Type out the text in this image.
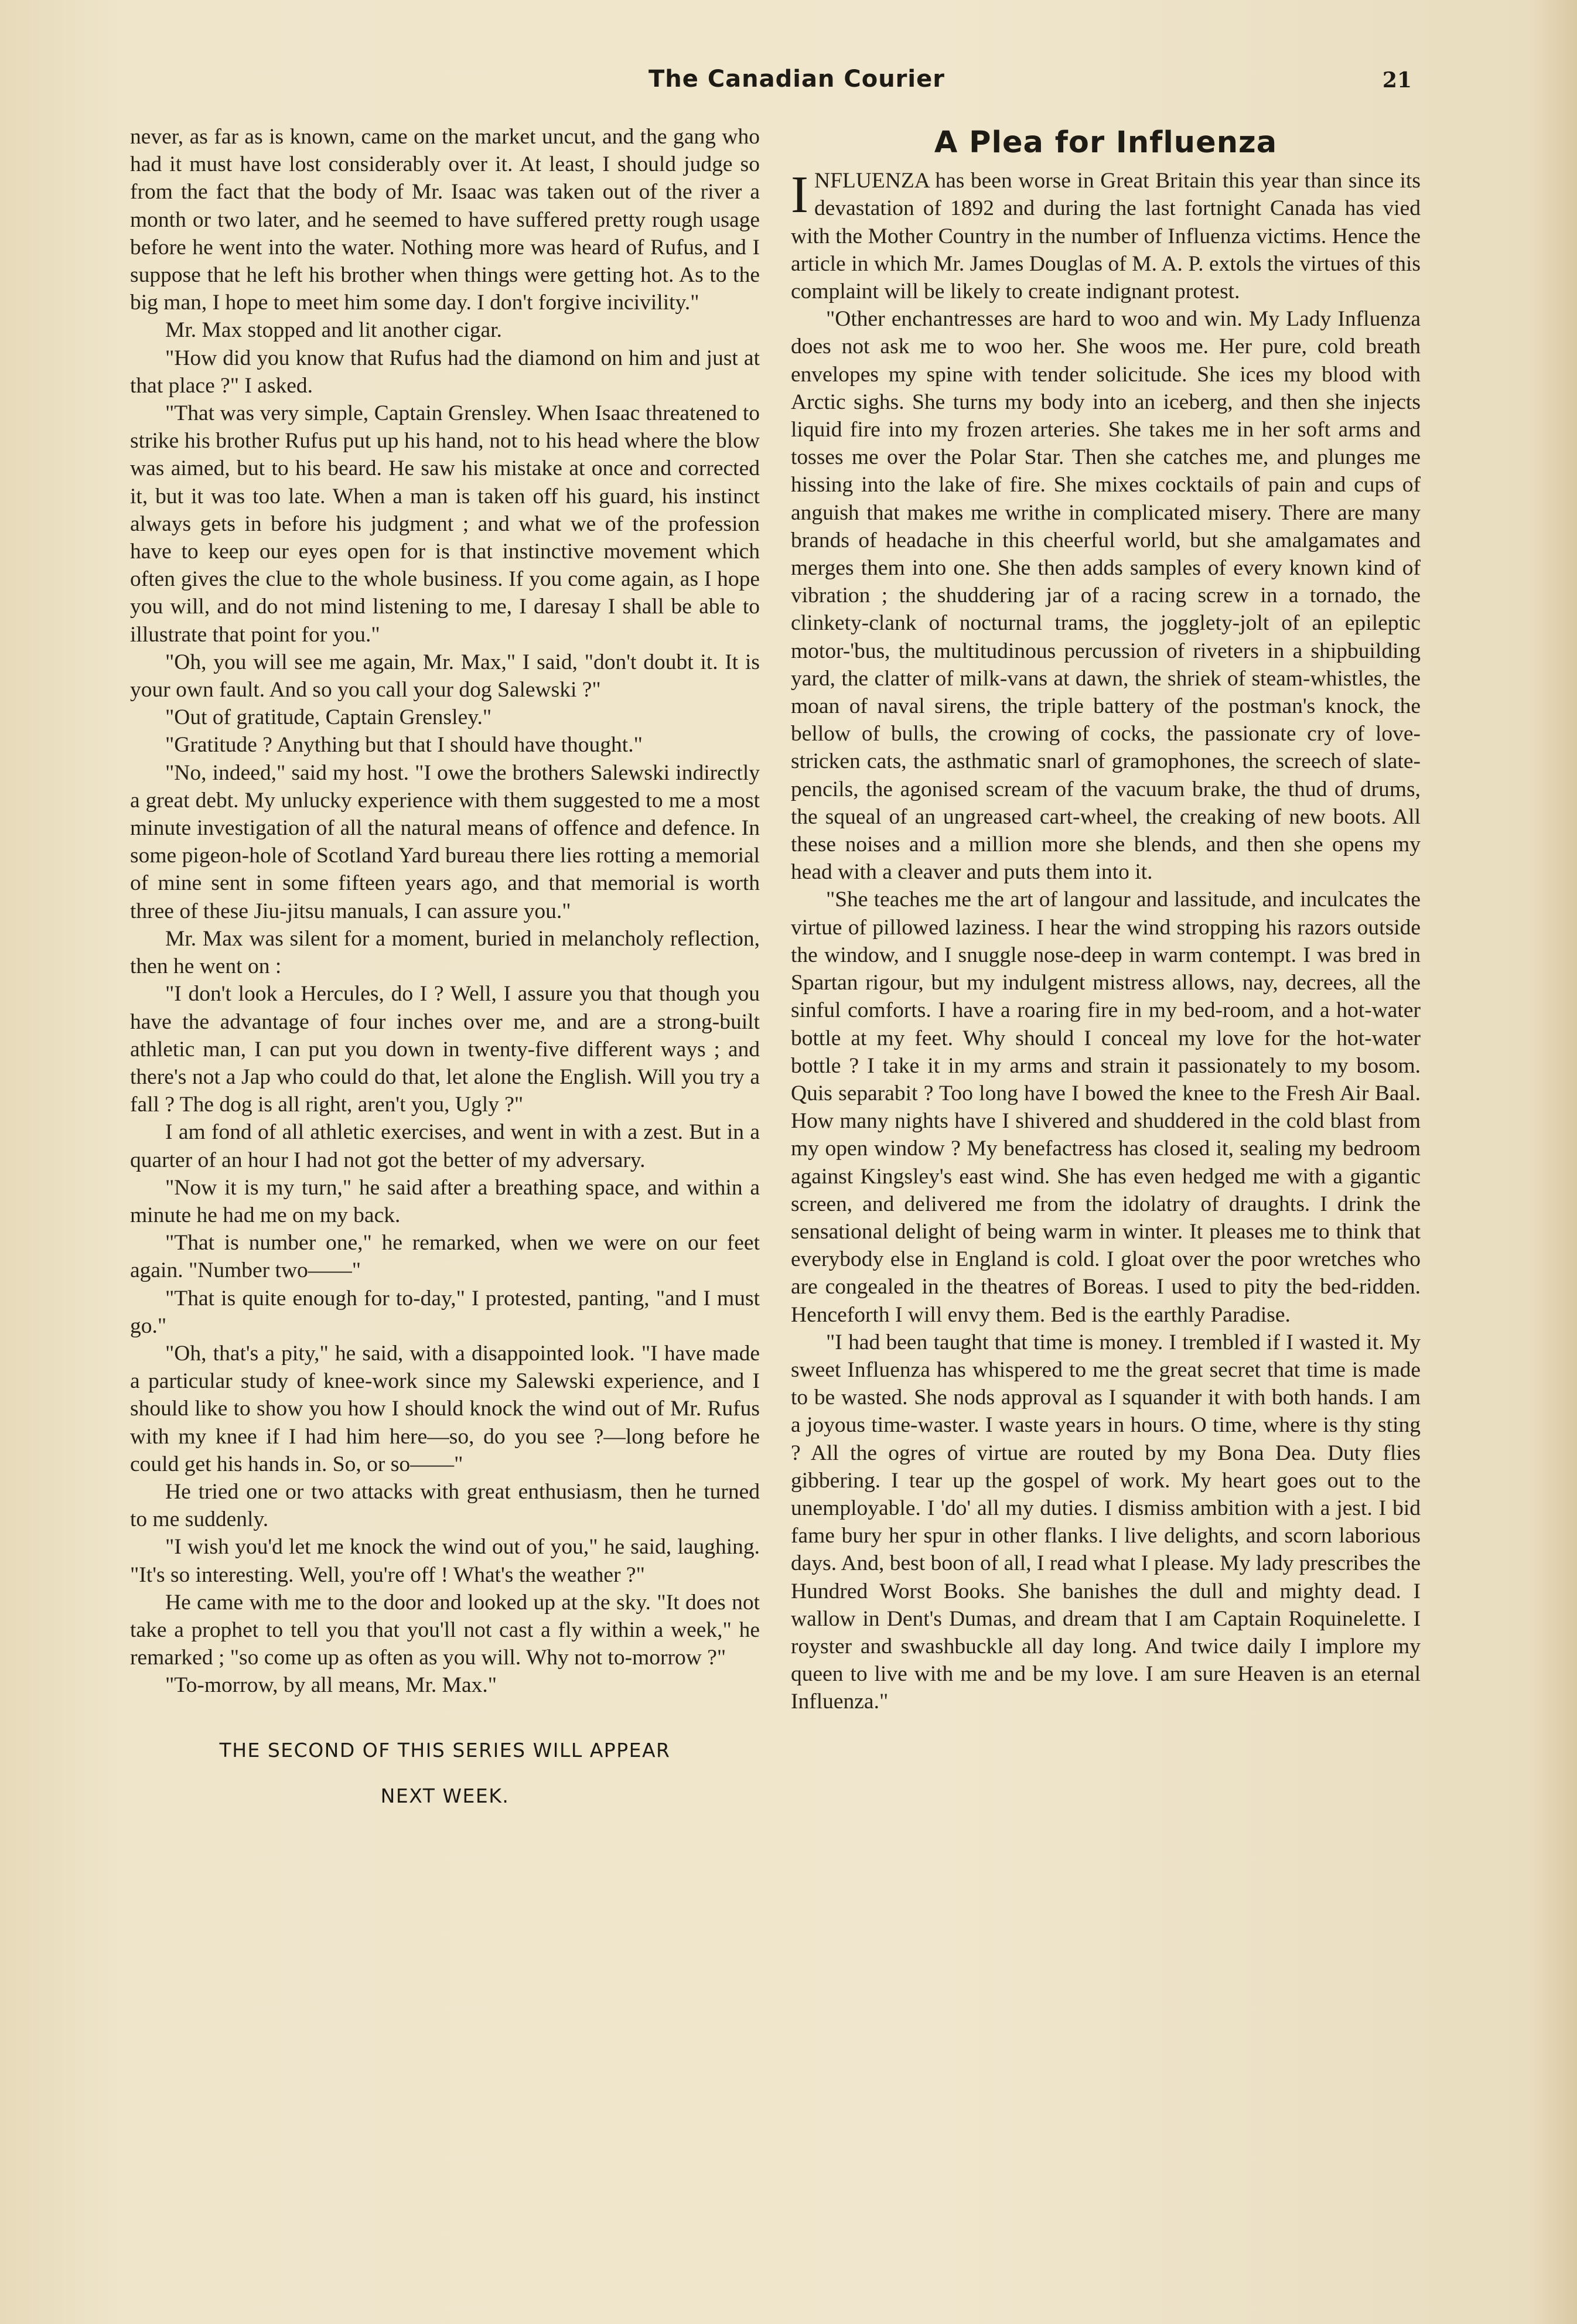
The Canadian Courier	21

never, as far as is known, came on the market uncut, and the gang who had it must have lost considerably over it. At least, I should judge so from the fact that the body of Mr. Isaac was taken out of the river a month or two later, and he seemed to have suffered pretty rough usage before he went into the water. Nothing more was heard of Rufus, and I suppose that he left his brother when things were getting hot. As to the big man, I hope to meet him some day. I don't forgive incivility."

Mr. Max stopped and lit another cigar.

"How did you know that Rufus had the diamond on him and just at that place ?" I asked.

"That was very simple, Captain Grensley. When Isaac threatened to strike his brother Rufus put up his hand, not to his head where the blow was aimed, but to his beard. He saw his mistake at once and corrected it, but it was too late. When a man is taken off his guard, his instinct always gets in before his judgment ; and what we of the profession have to keep our eyes open for is that instinctive movement which often gives the clue to the whole business. If you come again, as I hope you will, and do not mind listening to me, I daresay I shall be able to illustrate that point for you."

"Oh, you will see me again, Mr. Max," I said, "don't doubt it. It is your own fault. And so you call your dog Salewski ?"

"Out of gratitude, Captain Grensley."

"Gratitude ? Anything but that I should have thought."

"No, indeed," said my host. "I owe the brothers Salewski indirectly a great debt. My unlucky experience with them suggested to me a most minute investigation of all the natural means of offence and defence. In some pigeon-hole of Scotland Yard bureau there lies rotting a memorial of mine sent in some fifteen years ago, and that memorial is worth three of these Jiu-jitsu manuals, I can assure you."

Mr. Max was silent for a moment, buried in melancholy reflection, then he went on :

"I don't look a Hercules, do I ? Well, I assure you that though you have the advantage of four inches over me, and are a strong-built athletic man, I can put you down in twenty-five different ways ; and there's not a Jap who could do that, let alone the English. Will you try a fall ? The dog is all right, aren't you, Ugly ?"

I am fond of all athletic exercises, and went in with a zest. But in a quarter of an hour I had not got the better of my adversary.

"Now it is my turn," he said after a breathing space, and within a minute he had me on my back.

"That is number one," he remarked, when we were on our feet again. "Number two——"

"That is quite enough for to-day," I protested, panting, "and I must go."

"Oh, that's a pity," he said, with a disappointed look. "I have made a particular study of knee-work since my Salewski experience, and I should like to show you how I should knock the wind out of Mr. Rufus with my knee if I had him here—so, do you see ?—long before he could get his hands in. So, or so——"

He tried one or two attacks with great enthusiasm, then he turned to me suddenly.

"I wish you'd let me knock the wind out of you," he said, laughing. "It's so interesting. Well, you're off ! What's the weather ?"

He came with me to the door and looked up at the sky. "It does not take a prophet to tell you that you'll not cast a fly within a week," he remarked ; "so come up as often as you will. Why not to-morrow ?"

"To-morrow, by all means, Mr. Max."

THE SECOND OF THIS SERIES WILL APPEAR
NEXT WEEK.

A Plea for Influenza

INFLUENZA has been worse in Great Britain this year than since its devastation of 1892 and during the last fortnight Canada has vied with the Mother Country in the number of Influenza victims. Hence the article in which Mr. James Douglas of M. A. P. extols the virtues of this complaint will be likely to create indignant protest.

"Other enchantresses are hard to woo and win. My Lady Influenza does not ask me to woo her. She woos me. Her pure, cold breath envelopes my spine with tender solicitude. She ices my blood with Arctic sighs. She turns my body into an iceberg, and then she injects liquid fire into my frozen arteries. She takes me in her soft arms and tosses me over the Polar Star. Then she catches me, and plunges me hissing into the lake of fire. She mixes cocktails of pain and cups of anguish that makes me writhe in complicated misery. There are many brands of headache in this cheerful world, but she amalgamates and merges them into one. She then adds samples of every known kind of vibration ; the shuddering jar of a racing screw in a tornado, the clinkety-clank of nocturnal trams, the jogglety-jolt of an epileptic motor-'bus, the multitudinous percussion of riveters in a shipbuilding yard, the clatter of milk-vans at dawn, the shriek of steam-whistles, the moan of naval sirens, the triple battery of the postman's knock, the bellow of bulls, the crowing of cocks, the passionate cry of love-stricken cats, the asthmatic snarl of gramophones, the screech of slate-pencils, the agonised scream of the vacuum brake, the thud of drums, the squeal of an ungreased cart-wheel, the creaking of new boots. All these noises and a million more she blends, and then she opens my head with a cleaver and puts them into it.

"She teaches me the art of langour and lassitude, and inculcates the virtue of pillowed laziness. I hear the wind stropping his razors outside the window, and I snuggle nose-deep in warm contempt. I was bred in Spartan rigour, but my indulgent mistress allows, nay, decrees, all the sinful comforts. I have a roaring fire in my bed-room, and a hot-water bottle at my feet. Why should I conceal my love for the hot-water bottle ? I take it in my arms and strain it passionately to my bosom. Quis separabit ? Too long have I bowed the knee to the Fresh Air Baal. How many nights have I shivered and shuddered in the cold blast from my open window ? My benefactress has closed it, sealing my bedroom against Kingsley's east wind. She has even hedged me with a gigantic screen, and delivered me from the idolatry of draughts. I drink the sensational delight of being warm in winter. It pleases me to think that everybody else in England is cold. I gloat over the poor wretches who are congealed in the theatres of Boreas. I used to pity the bed-ridden. Henceforth I will envy them. Bed is the earthly Paradise.

"I had been taught that time is money. I trembled if I wasted it. My sweet Influenza has whispered to me the great secret that time is made to be wasted. She nods approval as I squander it with both hands. I am a joyous time-waster. I waste years in hours. O time, where is thy sting ? All the ogres of virtue are routed by my Bona Dea. Duty flies gibbering. I tear up the gospel of work. My heart goes out to the unemployable. I 'do' all my duties. I dismiss ambition with a jest. I bid fame bury her spur in other flanks. I live delights, and scorn laborious days. And, best boon of all, I read what I please. My lady prescribes the Hundred Worst Books. She banishes the dull and mighty dead. I wallow in Dent's Dumas, and dream that I am Captain Roquinelette. I royster and swashbuckle all day long. And twice daily I implore my queen to live with me and be my love. I am sure Heaven is an eternal Influenza."
